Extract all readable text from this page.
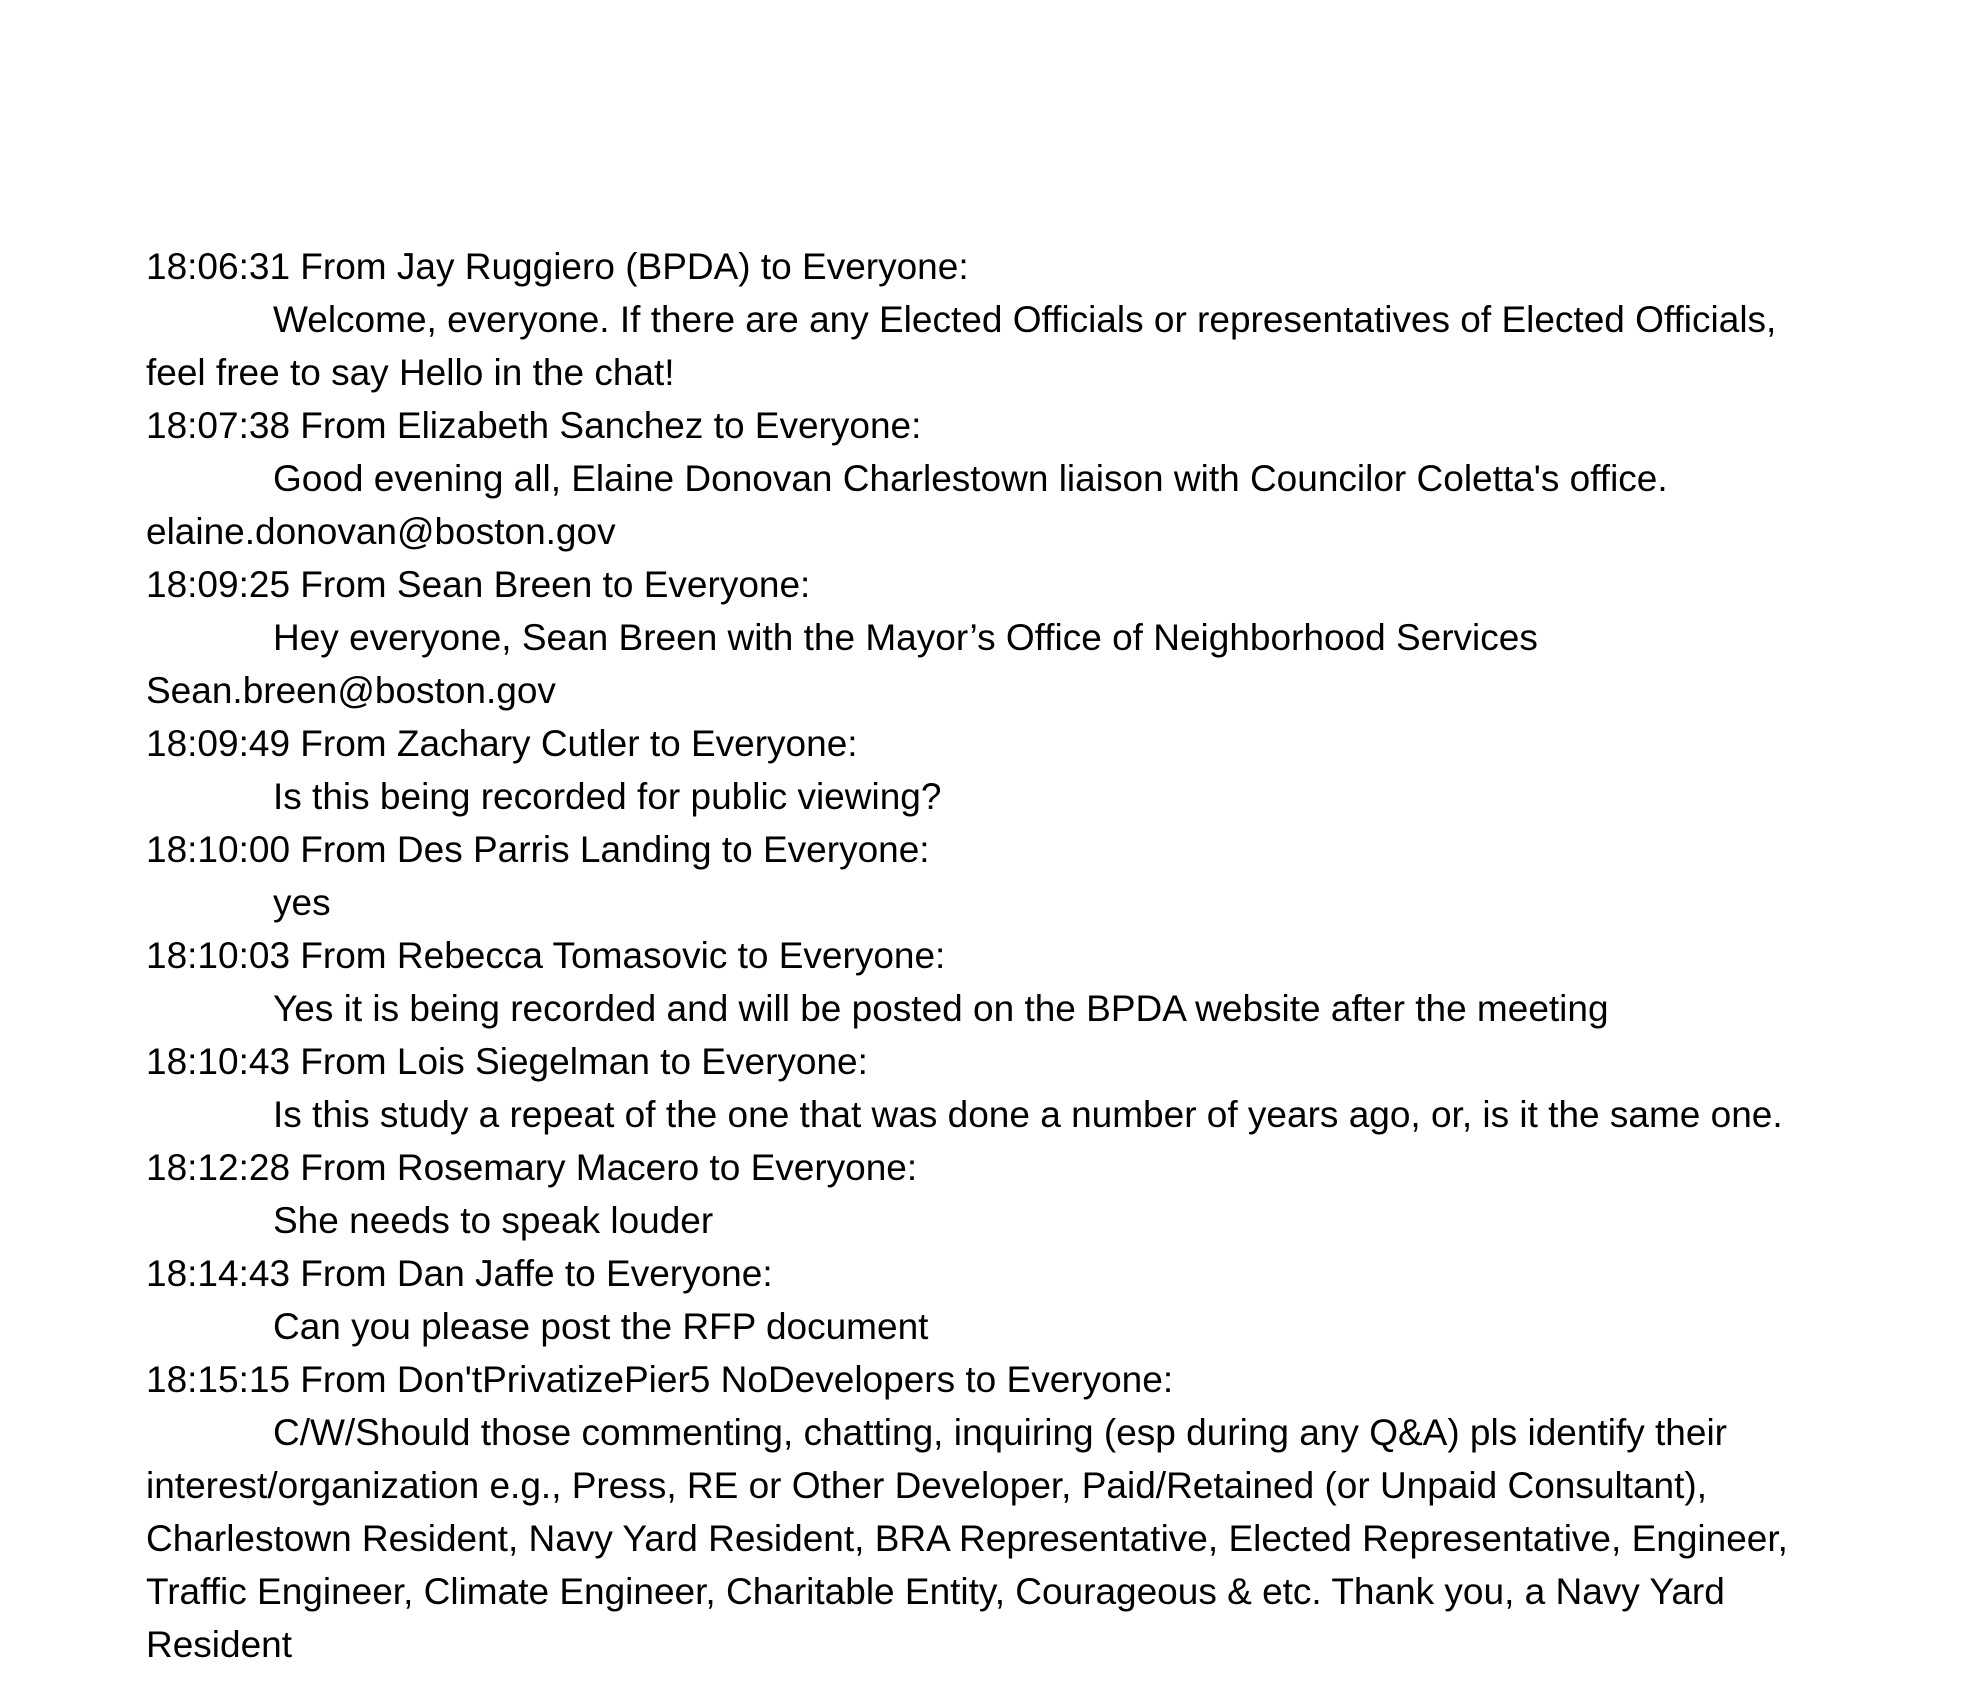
18:06:31 From Jay Ruggiero (BPDA) to Everyone:

Welcome, everyone. If there are any Elected Officials or representatives of Elected Officials, feel free to say Hello in the chat!

18:07:38 From Elizabeth Sanchez to Everyone:

Good evening all, Elaine Donovan Charlestown liaison with Councilor Coletta's office. elaine.donovan@boston.gov

18:09:25 From Sean Breen to Everyone:

Hey everyone, Sean Breen with the Mayor’s Office of Neighborhood Services Sean.breen@boston.gov

18:09:49 From Zachary Cutler to Everyone:

Is this being recorded for public viewing?

18:10:00 From Des Parris Landing to Everyone:

yes

18:10:03 From Rebecca Tomasovic to Everyone:

Yes it is being recorded and will be posted on the BPDA website after the meeting

18:10:43 From Lois Siegelman to Everyone:

Is this study a repeat of the one that was done a number of years ago, or, is it the same one.

18:12:28 From Rosemary Macero to Everyone:

She needs to speak louder

18:14:43 From Dan Jaffe to Everyone:

Can you please post the RFP document

18:15:15 From Don'tPrivatizePier5 NoDevelopers to Everyone:

C/W/Should those commenting, chatting, inquiring (esp during any Q&A) pls identify their interest/organization e.g., Press, RE or Other Developer, Paid/Retained (or Unpaid Consultant), Charlestown Resident, Navy Yard Resident, BRA Representative, Elected Representative, Engineer, Traffic Engineer, Climate Engineer, Charitable Entity, Courageous & etc. Thank you, a Navy Yard Resident
